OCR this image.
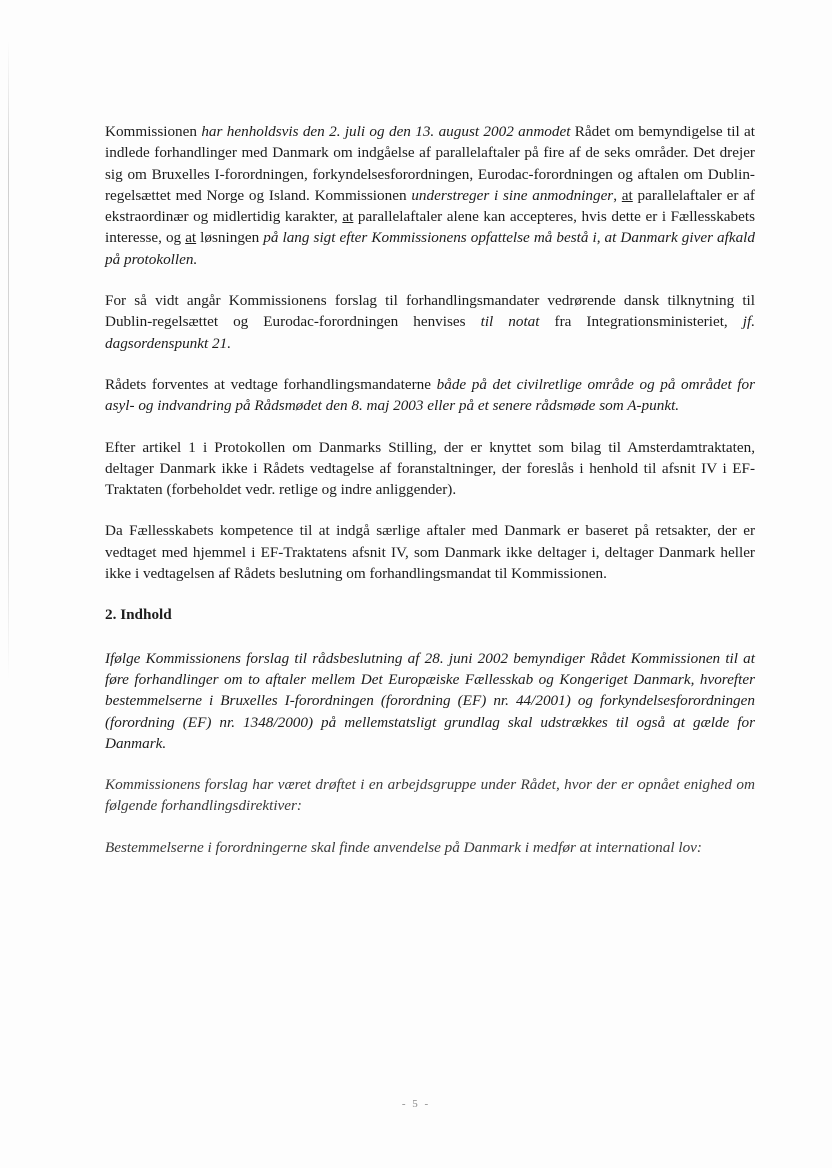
Kommissionen har henholdsvis den 2. juli og den 13. august 2002 anmodet Rådet om bemyndigelse til at indlede forhandlinger med Danmark om indgåelse af parallelaftaler på fire af de seks områder. Det drejer sig om Bruxelles I-forordningen, forkyndelsesforordningen, Eurodac-forordningen og aftalen om Dublin-regelsættet med Norge og Island. Kommissionen understreger i sine anmodninger, at parallelaftaler er af ekstraordinær og midlertidig karakter, at parallelaftaler alene kan accepteres, hvis dette er i Fællesskabets interesse, og at løsningen på lang sigt efter Kommissionens opfattelse må bestå i, at Danmark giver afkald på protokollen.

For så vidt angår Kommissionens forslag til forhandlingsmandater vedrørende dansk tilknytning til Dublin-regelsættet og Eurodac-forordningen henvises til notat fra Integrationsministeriet, jf. dagsordenspunkt 21.

Rådets forventes at vedtage forhandlingsmandaterne både på det civilretlige område og på området for asyl- og indvandring på Rådsmødet den 8. maj 2003 eller på et senere rådsmøde som A-punkt.

Efter artikel 1 i Protokollen om Danmarks Stilling, der er knyttet som bilag til Amsterdamtraktaten, deltager Danmark ikke i Rådets vedtagelse af foranstaltninger, der foreslås i henhold til afsnit IV i EF-Traktaten (forbeholdet vedr. retlige og indre anliggender).

Da Fællesskabets kompetence til at indgå særlige aftaler med Danmark er baseret på retsakter, der er vedtaget med hjemmel i EF-Traktatens afsnit IV, som Danmark ikke deltager i, deltager Danmark heller ikke i vedtagelsen af Rådets beslutning om forhandlingsmandat til Kommissionen.

2. Indhold

Ifølge Kommissionens forslag til rådsbeslutning af 28. juni 2002 bemyndiger Rådet Kommissionen til at føre forhandlinger om to aftaler mellem Det Europæiske Fællesskab og Kongeriget Danmark, hvorefter bestemmelserne i Bruxelles I-forordningen (forordning (EF) nr. 44/2001) og forkyndelsesforordningen (forordning (EF) nr. 1348/2000) på mellemstatsligt grundlag skal udstrækkes til også at gælde for Danmark.

Kommissionens forslag har været drøftet i en arbejdsgruppe under Rådet, hvor der er opnået enighed om følgende forhandlingsdirektiver:

Bestemmelserne i forordningerne skal finde anvendelse på Danmark i medfør at international lov:

- 5 -
